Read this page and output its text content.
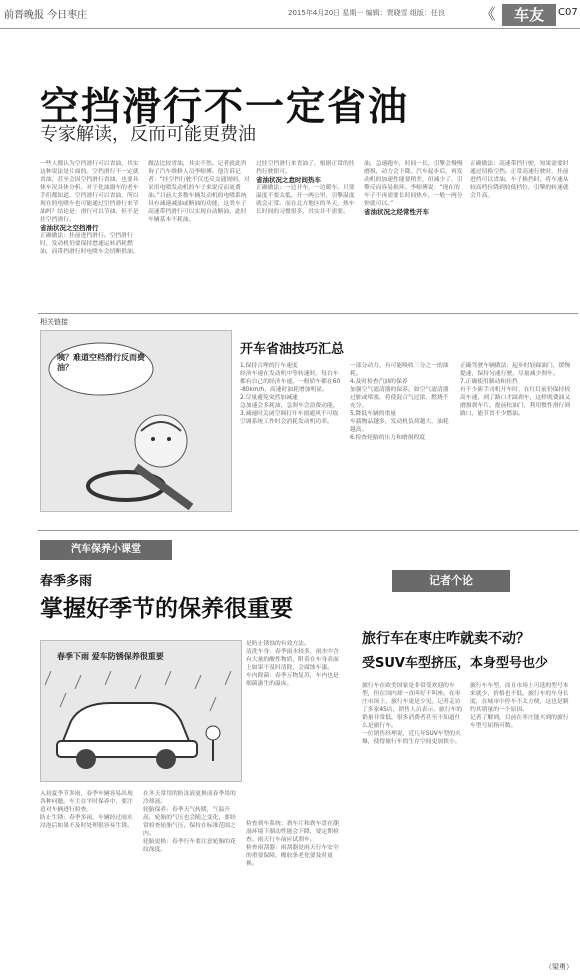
前晋晚报 今日枣庄	2015年4月20日 星期一 编辑：贾晓雪 组版：任良 《	车友	C07
空挡滑行不一定省油
专家解读，反而可能更费油
一些人都认为空挡滑行可以省油，其实这种说法是片面的。空挡滑行不一定就省油，甚至会因空挡滑行省油，也要具体车况具体分析。对于化油器车的老车手们都知道，空挡滑行可以省油，所以现在的电喷车也可能通过空挡滑行来节油吗？结论是：滑行可以节油，但不是挂空挡滑行。
省油状况之空挡滑行
正确做法：挂前进挡滑行。空挡滑行时，发动机仍要保持怠速运转消耗燃油，而带挡滑行时电喷车会切断供油。
做法比较省油，其实不然。记者就此咨询了汽车维修人员李师傅。他告诉记者：“挂空挡行驶不仅违反交通规则，对采用电喷发动机的车子来说反而更费油。”目前大多数车辆发动机的电喷系统具有减速减油或断油的功能，这类车子高速带挡滑行可以实现自动断油，此时车辆基本不耗油。
过挂空挡滑行来省油了，根据正常的挂挡行驶即可。
省油状况之怠时间热车
正确做法：一边开车，一边暖车。只要温度不要太低，开一两公里，引擎温度就会正常。而在北方地区的冬天，热车长时间的习惯很多，其实并不需要。
油，急速跑车，时间一长，引擎会慢慢磨损，动力会下降。汽车起步后，再发动机的加速性能要稍差，但减少了，引擎反而容易损坏。李师傅说：“现在的车子不再需要长时间热车，一般一两分钟就可以。”
省油状况之经常性开车
正确做法：高速带挡行驶，知果需要时通过切换空挡。正常高速行驶时，挂前进挡可以省油。车子换挡时，将车速从较高档位降到较低档位，引擎的转速就会升高。
相关链接
咦？难道空档滑行反而费油？
开车省油技巧汇总
1.保持合理的行车速度
经济车速在发动机中等转速时。每台车都有自己的经济车速。一般轿车都在60-80km/h，高速时油耗增加明显。
2.尽量避免突然加减速
急加速会多耗油，急刹车会浪费动能。
3.减速时关闭空调打开车窗通风不可取
空调系统工作时会消耗发动机功率。
一部分动力，有可能吸收三分之一的油耗。
4.及时检查汽油的保养
加强空气滤清器的保养，如空气滤清器过脏或堵塞，将使混合气过浓，燃烧不充分。
5.降低车辆的重量
车载物品越多，发动机负荷越大，油耗越高。
6.检查轮胎的压力和磨损程度
正确驾驶车辆做法：起步时轻踩油门，缓慢提速，保持匀速行驶，尽量减少刹车。
7.正确使用制动和挂挡
有不少新手司机开车时，在红灯前仍保持较高车速，到了路口才踩刹车，这样既费油又磨损刹车片。提前松油门，利用惯性滑行到路口，能节省不少燃油。
汽车保养小课堂
春季多雨
掌握好季节的保养很重要
春季下雨 爱车防锈保养很重要
入初夏季节多雨，春季车辆容易出现各种问题。车主在平时保养中，要注意对车辆进行检查。
防止生锈：春季多雨，车辆经过雨水浸泡后如果不及时处理很容易生锈。
在冬天常用的防冻液更换成春季用的冷却液。
轮胎保养：春季天气转暖，气温升高，轮胎的气压也会随之变化，要经常检查轮胎气压，保持在标准范围之内。
轮胎更换：春季行车要注意轮胎的花纹深度。
是防止锈蚀的有效方法。
清洗车身：春季雨水较多，雨水中含有大量的酸性物质，附着在车身表面上如果不及时清除，会腐蚀车漆。
车内除菌：春季万物复苏，车内也是细菌滋生的温床。
检查刹车系统：刹车片和刹车盘在潮湿环境下制动性能会下降，要定期检查。雨天行车前应试刹车。
检查雨刮器：雨刮器是雨天行车安全的重要保障，橡胶条老化要及时更换。
记者个论
旅行车在枣庄咋就卖不动？
受SUV车型挤压，本身型号也少
旅行车在欧美国家是非常受欢迎的车型，但在国内却一直叫好不叫座。在枣庄市场上，旅行车更是少见。记者走访了多家4S店，销售人员表示，旅行车的销量非常低，很多消费者甚至不知道什么是旅行车。
一位销售经理说，近几年SUV车型的火爆，使得旅行车的生存空间更加狭小。
旅行车车型，而且市场上可选的型号本来就少，价格也不低。旅行车的车身长度，在城市中停车不太方便，这也是制约其销量的一个原因。
记者了解到，目前在枣庄能买到的旅行车型号屈指可数。
（梁勇）
